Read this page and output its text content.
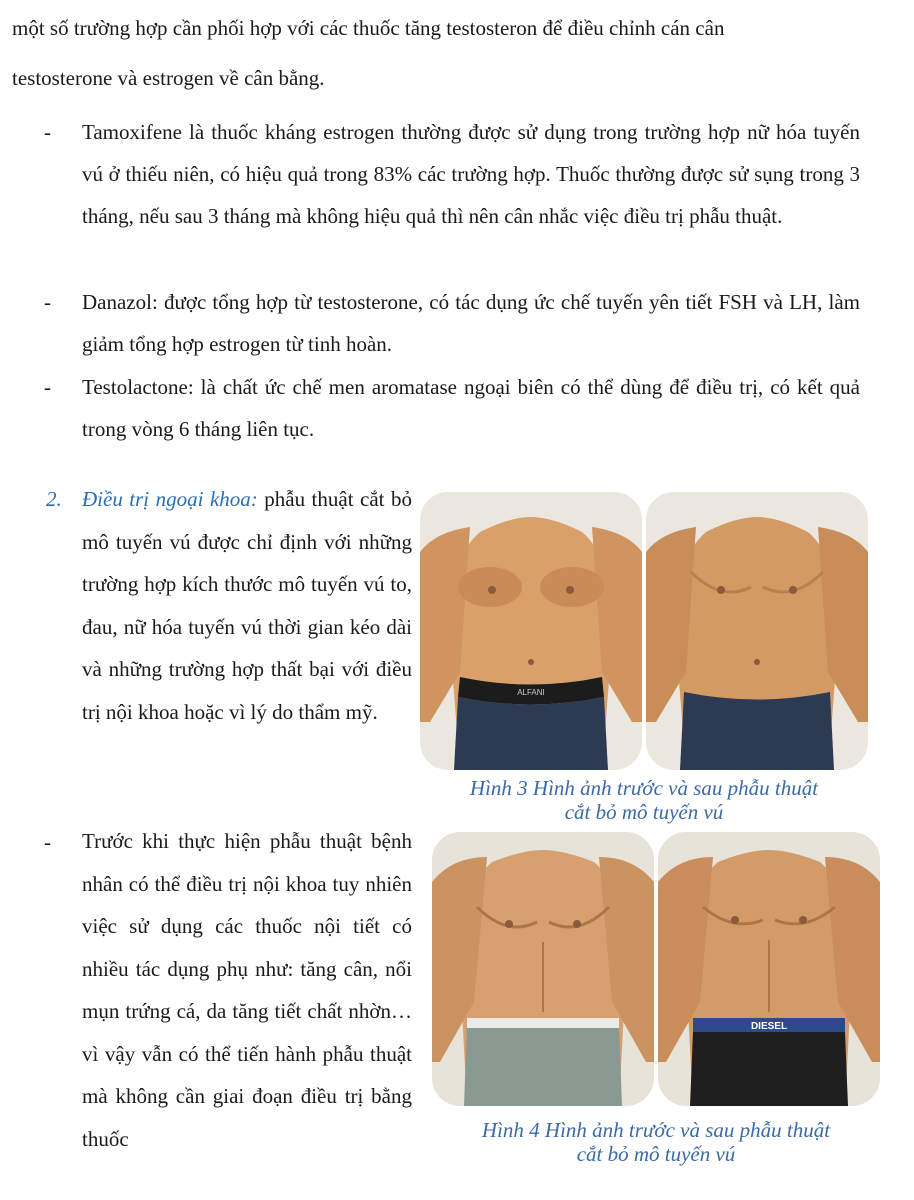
một số trường hợp cần phối hợp với các thuốc tăng testosteron để điều chỉnh cán cân
testosterone và estrogen về cân bằng.
- Tamoxifene là thuốc kháng estrogen thường được sử dụng trong trường hợp nữ hóa tuyến vú ở thiếu niên, có hiệu quả trong 83% các trường hợp. Thuốc thường được sử sụng trong 3 tháng, nếu sau 3 tháng mà không hiệu quả thì nên cân nhắc việc điều trị phẫu thuật.
- Danazol: được tổng hợp từ testosterone, có tác dụng ức chế tuyến yên tiết FSH và LH, làm giảm tổng hợp estrogen từ tinh hoàn.
- Testolactone: là chất ức chế men aromatase ngoại biên có thể dùng để điều trị, có kết quả trong vòng 6 tháng liên tục.
2. Điều trị ngoại khoa: phẫu thuật cắt bỏ mô tuyến vú được chỉ định với những trường hợp kích thước mô tuyến vú to, đau, nữ hóa tuyến vú thời gian kéo dài và những trường hợp thất bại với điều trị nội khoa hoặc vì lý do thẩm mỹ.
- Trước khi thực hiện phẫu thuật bệnh nhân có thể điều trị nội khoa tuy nhiên việc sử dụng các thuốc nội tiết có nhiều tác dụng phụ như: tăng cân, nổi mụn trứng cá, da tăng tiết chất nhờn… vì vậy vẫn có thể tiến hành phẫu thuật mà không cần giai đoạn điều trị bằng thuốc
ALFANI
Hình 3 Hình ảnh trước và sau phẫu thuật
cắt bỏ mô tuyến vú
DIESEL
Hình 4 Hình ảnh trước và sau phẫu thuật
cắt bỏ mô tuyến vú
